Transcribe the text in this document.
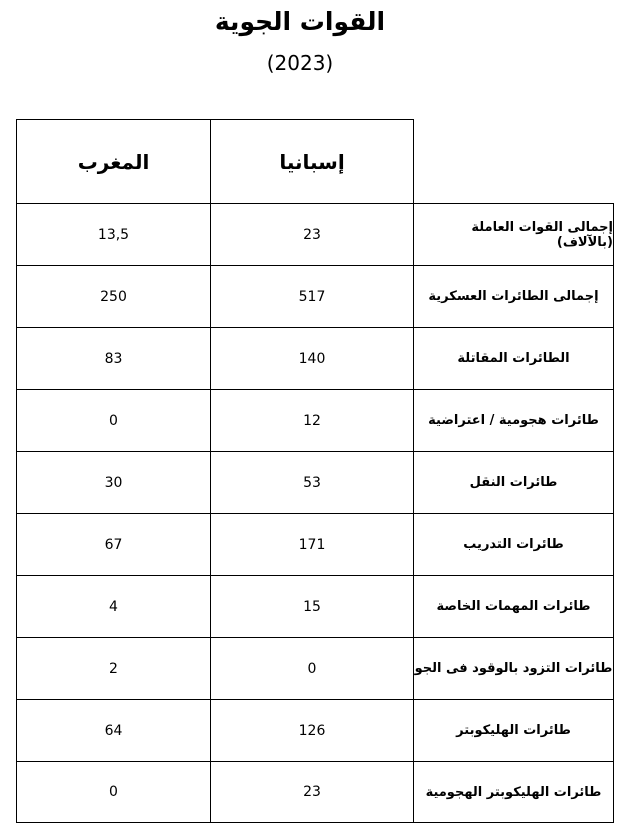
القوات الجوية
(2023)
المغرب	إسبانيا
13,5	23	إجمالى القوات العاملة (بالآلاف)
250	517	إجمالى الطائرات العسكرية
83	140	الطائرات المقاتلة
0	12	طائرات هجومية / اعتراضية
30	53	طائرات النقل
67	171	طائرات التدريب
4	15	طائرات المهمات الخاصة
2	0	طائرات التزود بالوقود فى الجو
64	126	طائرات الهليكوبتر
0	23	طائرات الهليكوبتر الهجومية
